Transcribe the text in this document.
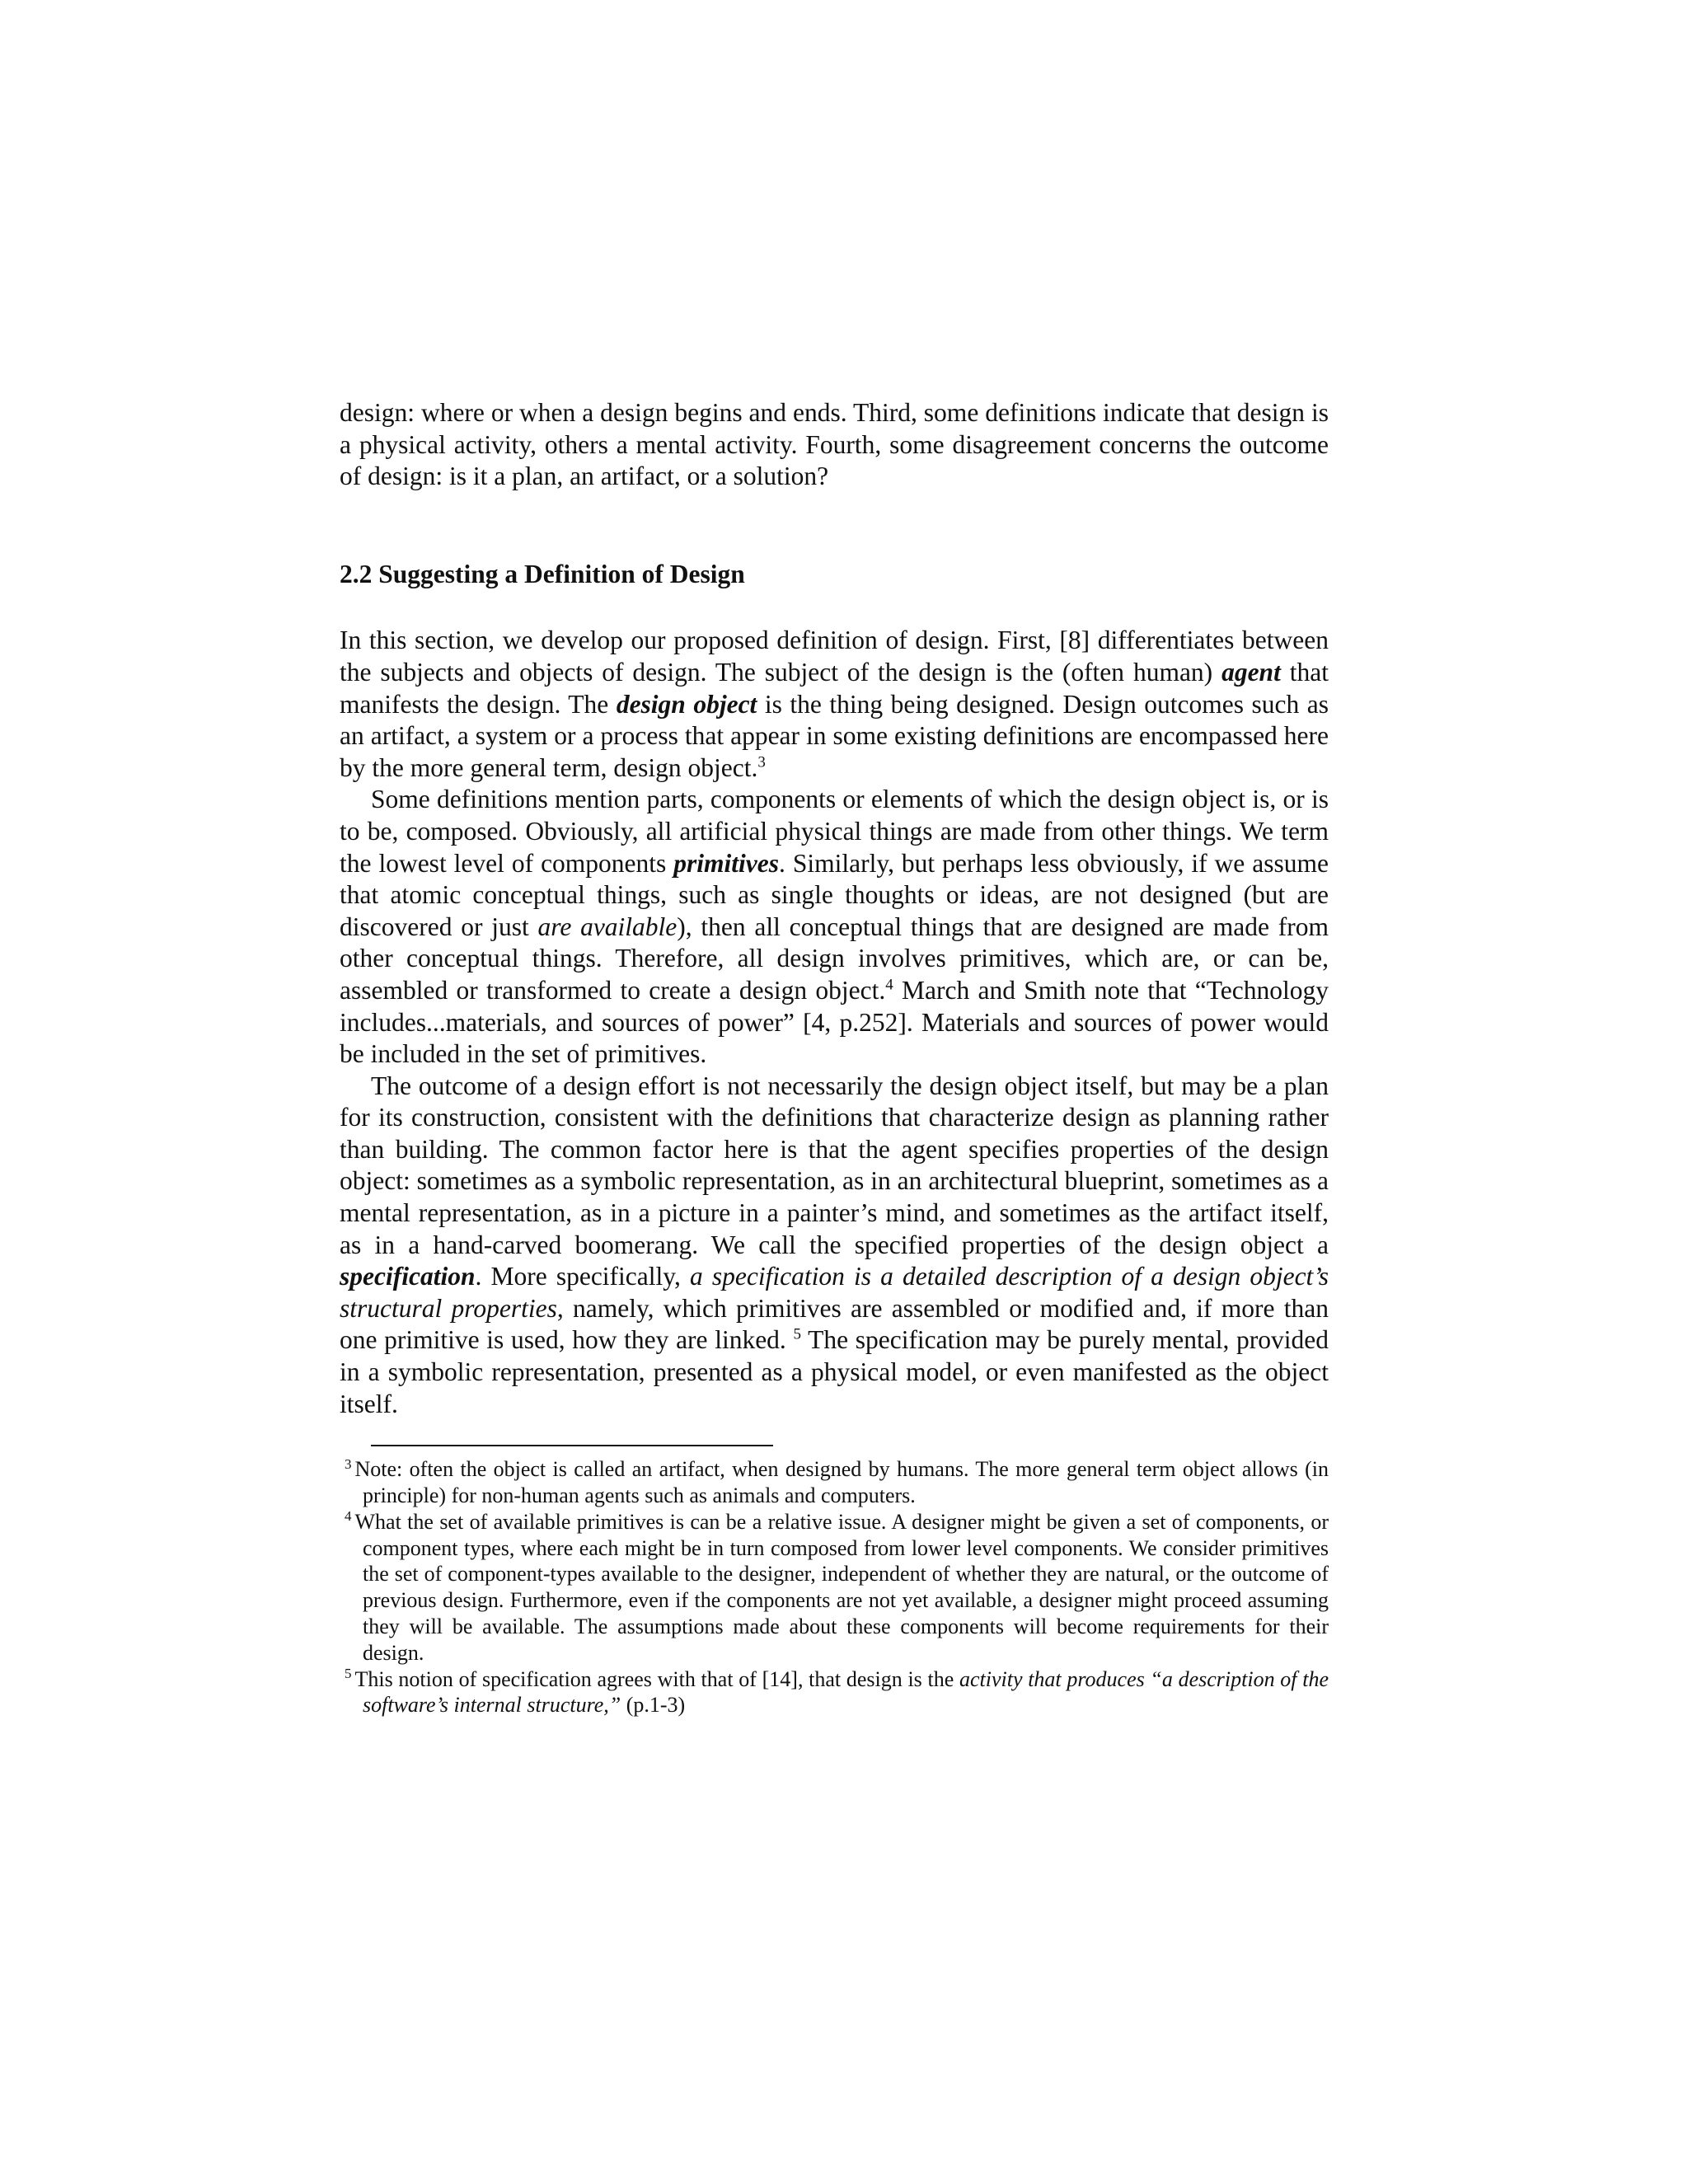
design: where or when a design begins and ends. Third, some definitions indicate that design is a physical activity, others a mental activity. Fourth, some disagreement concerns the outcome of design: is it a plan, an artifact, or a solution?

2.2 Suggesting a Definition of Design

In this section, we develop our proposed definition of design. First, [8] differentiates between the subjects and objects of design. The subject of the design is the (often human) agent that manifests the design. The design object is the thing being designed. Design outcomes such as an artifact, a system or a process that appear in some existing definitions are encompassed here by the more general term, design object.$^3$

Some definitions mention parts, components or elements of which the design object is, or is to be, composed. Obviously, all artificial physical things are made from other things. We term the lowest level of components primitives. Similarly, but perhaps less obviously, if we assume that atomic conceptual things, such as single thoughts or ideas, are not designed (but are discovered or just are available), then all conceptual things that are designed are made from other conceptual things. Therefore, all design involves primitives, which are, or can be, assembled or transformed to create a design object.$^4$ March and Smith note that “Technology includes...materials, and sources of power” [4, p.252]. Materials and sources of power would be included in the set of primitives.

The outcome of a design effort is not necessarily the design object itself, but may be a plan for its construction, consistent with the definitions that characterize design as planning rather than building. The common factor here is that the agent specifies properties of the design object: sometimes as a symbolic representation, as in an architectural blueprint, sometimes as a mental representation, as in a picture in a painter’s mind, and sometimes as the artifact itself, as in a hand-carved boomerang. We call the specified properties of the design object a specification. More specifically, a specification is a detailed description of a design object’s structural properties, namely, which primitives are assembled or modified and, if more than one primitive is used, how they are linked. $^5$ The specification may be purely mental, provided in a symbolic representation, presented as a physical model, or even manifested as the object itself.

$^3$ Note: often the object is called an artifact, when designed by humans. The more general term object allows (in principle) for non-human agents such as animals and computers.

$^4$ What the set of available primitives is can be a relative issue. A designer might be given a set of components, or component types, where each might be in turn composed from lower level components. We consider primitives the set of component-types available to the designer, independent of whether they are natural, or the outcome of previous design. Furthermore, even if the components are not yet available, a designer might proceed assuming they will be available. The assumptions made about these components will become requirements for their design.

$^5$ This notion of specification agrees with that of [14], that design is the activity that produces “a description of the software’s internal structure,” (p.1-3)
